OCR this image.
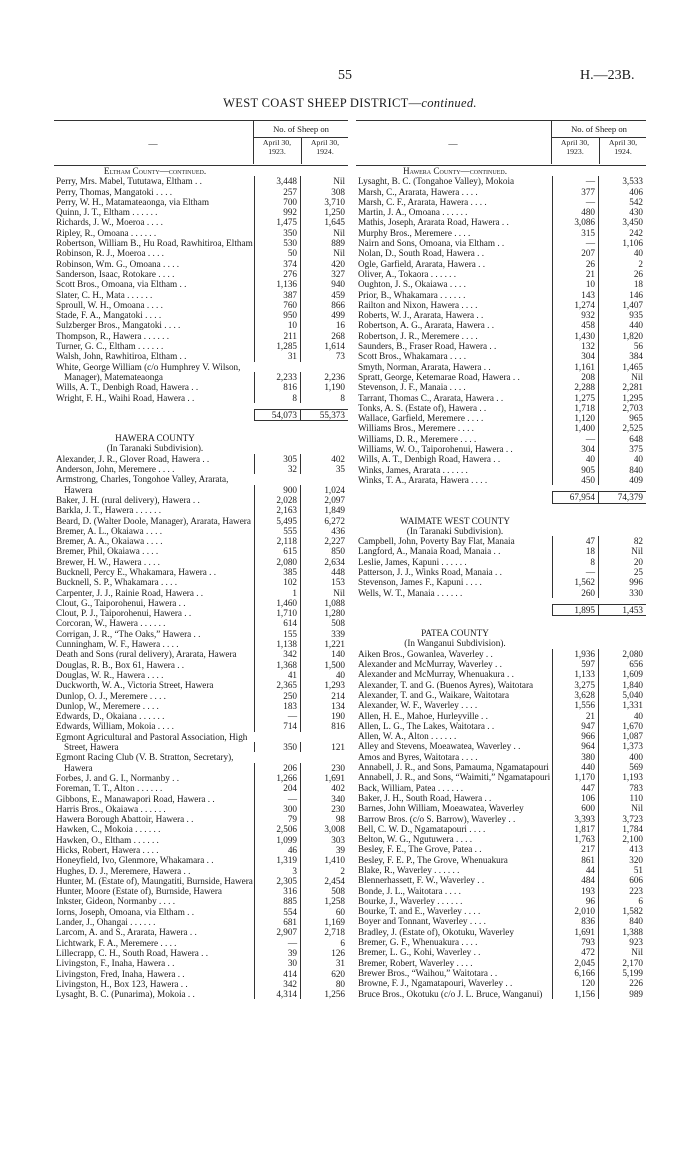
55	H.—23B.
WEST COAST SHEEP DISTRICT—continued.
—
No. of Sheep on
April 30, 1923.
April 30, 1924.
Eltham County—continued.
Perry, Mrs. Mabel, Tututawa, Eltham . .	3,448	Nil
Perry, Thomas, Mangatoki . . . .	257	308
Perry, W. H., Matamateaonga, via Eltham	700	3,710
Quinn, J. T., Eltham . . . . . .	992	1,250
Richards, J. W., Moeroa . . . .	1,475	1,645
Ripley, R., Omoana . . . . . .	350	Nil
Robertson, William B., Hu Road, Rawhitiroa, Eltham	530	889
Robinson, R. J., Moeroa . . . .	50	Nil
Robinson, Wm. G., Omoana . . . .	374	420
Sanderson, Isaac, Rotokare . . . .	276	327
Scott Bros., Omoana, via Eltham . .	1,136	940
Slater, C. H., Mata . . . . . .	387	459
Sproull, W. H., Omoana . . . .	760	866
Stade, F. A., Mangatoki . . . .	950	499
Sulzberger Bros., Mangatoki . . . .	10	16
Thompson, R., Hawera . . . . . .	211	268
Turner, G. C., Eltham . . . . . .	1,285	1,614
Walsh, John, Rawhitiroa, Eltham . .	31	73
White, George William (c/o Humphrey V. Wilson, Manager), Matemateaonga	2,233	2,236
Wills, A. T., Denbigh Road, Hawera . .	816	1,190
Wright, F. H., Waihi Road, Hawera . .	8	8
54,073	55,373
HAWERA COUNTY
(In Taranaki Subdivision).
Alexander, J. R., Glover Road, Hawera . .	305	402
Anderson, John, Meremere . . . .	32	35
Armstrong, Charles, Tongohoe Valley, Ararata, Hawera	900	1,024
Baker, J. H. (rural delivery), Hawera . .	2,028	2,097
Barkla, J. T., Hawera . . . . . .	2,163	1,849
Beard, D. (Walter Doole, Manager), Ararata, Hawera	5,495	6,272
Bremer, A. L., Okaiawa . . . .	555	436
Bremer, A. A., Okaiawa . . . .	2,118	2,227
Bremer, Phil, Okaiawa . . . .	615	850
Brewer, H. W., Hawera . . . .	2,080	2,634
Bucknell, Percy E., Whakamara, Hawera . .	385	448
Bucknell, S. P., Whakamara . . . .	102	153
Carpenter, J. J., Rainie Road, Hawera . .	1	Nil
Clout, G., Taiporohenui, Hawera . .	1,460	1,088
Clout, P. J., Taiporohenui, Hawera . .	1,710	1,280
Corcoran, W., Hawera . . . . . .	614	508
Corrigan, J. R., “The Oaks,” Hawera . .	155	339
Cunningham, W. F., Hawera . . . .	1,138	1,221
Death and Sons (rural delivery), Ararata, Hawera	342	140
Douglas, R. B., Box 61, Hawera . .	1,368	1,500
Douglas, W. R., Hawera . . . .	41	40
Duckworth, W. A., Victoria Street, Hawera	2,365	1,293
Dunlop, O. J., Meremere . . . .	250	214
Dunlop, W., Meremere . . . .	183	134
Edwards, D., Okaiana . . . . . .	—	190
Edwards, William, Mokoia . . . .	714	816
Egmont Agricultural and Pastoral Association, High Street, Hawera	350	121
Egmont Racing Club (V. B. Stratton, Secretary), Hawera	206	230
Forbes, J. and G. I., Normanby . .	1,266	1,691
Foreman, T. T., Alton . . . . . .	204	402
Gibbons, E., Manawapori Road, Hawera . .	—	340
Harris Bros., Okaiawa . . . . . .	300	230
Hawera Borough Abattoir, Hawera . .	79	98
Hawken, C., Mokoia . . . . . .	2,506	3,008
Hawken, O., Eltham . . . . . .	1,099	303
Hicks, Robert, Hawera . . . .	46	39
Honeyfield, Ivo, Glenmore, Whakamara . .	1,319	1,410
Hughes, D. J., Meremere, Hawera . .	3	2
Hunter, M. (Estate of), Maungatiti, Burnside, Hawera	2,305	2,454
Hunter, Moore (Estate of), Burnside, Hawera	316	508
Inkster, Gideon, Normanby . . . .	885	1,258
Iorns, Joseph, Omoana, via Eltham . .	554	60
Lander, J., Ohangai . . . . . .	681	1,169
Larcom, A. and S., Ararata, Hawera . .	2,907	2,718
Lichtwark, F. A., Meremere . . . .	—	6
Lillecrapp, C. H., South Road, Hawera . .	39	126
Livingston, F., Inaha, Hawera . .	30	31
Livingston, Fred, Inaha, Hawera . .	414	620
Livingston, H., Box 123, Hawera . .	342	80
Lysaght, B. C. (Punarima), Mokoia . .	4,314	1,256
—
No. of Sheep on
April 30, 1923.
April 30, 1924.
Hawera County—continued.
Lysaght, B. C. (Tongahoe Valley), Mokoia	—	3,533
Marsh, C., Ararata, Hawera . . . .	377	406
Marsh, C. F., Ararata, Hawera . . . .	—	542
Martin, J. A., Omoana . . . . . .	480	430
Mathis, Joseph, Ararata Road, Hawera . .	3,086	3,450
Murphy Bros., Meremere . . . .	315	242
Nairn and Sons, Omoana, via Eltham . .	—	1,106
Nolan, D., South Road, Hawera . .	207	40
Ogle, Garfield, Ararata, Hawera . .	26	2
Oliver, A., Tokaora . . . . . .	21	26
Oughton, J. S., Okaiawa . . . .	10	18
Prior, B., Whakamara . . . . . .	143	146
Railton and Nixon, Hawera . . . .	1,274	1,407
Roberts, W. J., Ararata, Hawera . .	932	935
Robertson, A. G., Ararata, Hawera . .	458	440
Robertson, J. R., Meremere . . . .	1,430	1,820
Saunders, B., Fraser Road, Hawera . .	132	56
Scott Bros., Whakamara . . . .	304	384
Smyth, Norman, Ararata, Hawera . .	1,161	1,465
Spratt, George, Ketemarae Road, Hawera . .	208	Nil
Stevenson, J. F., Manaia . . . .	2,288	2,281
Tarrant, Thomas C., Ararata, Hawera . .	1,275	1,295
Tonks, A. S. (Estate of), Hawera . .	1,718	2,703
Wallace, Garfield, Meremere . . . .	1,120	965
Williams Bros., Meremere . . . .	1,400	2,525
Williams, D. R., Meremere . . . .	—	648
Williams, W. O., Taiporohenui, Hawera . .	304	375
Wills, A. T., Denbigh Road, Hawera . .	40	40
Winks, James, Ararata . . . . . .	905	840
Winks, T. A., Ararata, Hawera . . . .	450	409
67,954	74,379
WAIMATE WEST COUNTY
(In Taranaki Subdivision).
Campbell, John, Poverty Bay Flat, Manaia	47	82
Langford, A., Manaia Road, Manaia . .	18	Nil
Leslie, James, Kapuni . . . . . .	8	20
Patterson, J. J., Winks Road, Manaia . .	—	25
Stevenson, James F., Kapuni . . . .	1,562	996
Wells, W. T., Manaia . . . . . .	260	330
1,895	1,453
PATEA COUNTY
(In Wanganui Subdivision).
Aiken Bros., Gowanlea, Waverley . .	1,936	2,080
Alexander and McMurray, Waverley . .	597	656
Alexander and McMurray, Whenuakura . .	1,133	1,609
Alexander, T. and G. (Buenos Ayres), Waitotara	3,275	1,840
Alexander, T. and G., Waikare, Waitotara	3,628	5,040
Alexander, W. F., Waverley . . . .	1,556	1,331
Allen, H. E., Mahoe, Hurleyville . .	21	40
Allen, L. G., The Lakes, Waitotara . .	947	1,670
Allen, W. A., Alton . . . . . .	966	1,087
Alley and Stevens, Moeawatea, Waverley . .	964	1,373
Amos and Byres, Waitotara . . . .	380	400
Annabell, J. R., and Sons, Pamauma, Ngamatapouri	440	569
Annabell, J. R., and Sons, “Waimiti,” Ngamatapouri	1,170	1,193
Back, William, Patea . . . . . .	447	783
Baker, J. H., South Road, Hawera . .	106	110
Barnes, John William, Moeawatea, Waverley	600	Nil
Barrow Bros. (c/o S. Barrow), Waverley . .	3,393	3,723
Bell, C. W. D., Ngamatapouri . . . .	1,817	1,784
Belton, W. G., Ngutuwera . . . .	1,763	2,100
Besley, F. E., The Grove, Patea . .	217	413
Besley, F. E. P., The Grove, Whenuakura	861	320
Blake, R., Waverley . . . . . .	44	51
Blennerhassett, F. W., Waverley . .	484	606
Bonde, J. L., Waitotara . . . .	193	223
Bourke, J., Waverley . . . . . .	96	6
Bourke, T. and E., Waverley . . . .	2,010	1,582
Boyer and Tonnant, Waverley . . . .	836	840
Bradley, J. (Estate of), Okotuku, Waverley	1,691	1,388
Bremer, G. F., Whenuakura . . . .	793	923
Bremer, L. G., Kohi, Waverley . .	472	Nil
Bremer, Robert, Waverley . . . .	2,045	2,170
Brewer Bros., “Waihou,” Waitotara . .	6,166	5,199
Browne, F. J., Ngamatapouri, Waverley . .	120	226
Bruce Bros., Okotuku (c/o J. L. Bruce, Wanganui)	1,156	989
